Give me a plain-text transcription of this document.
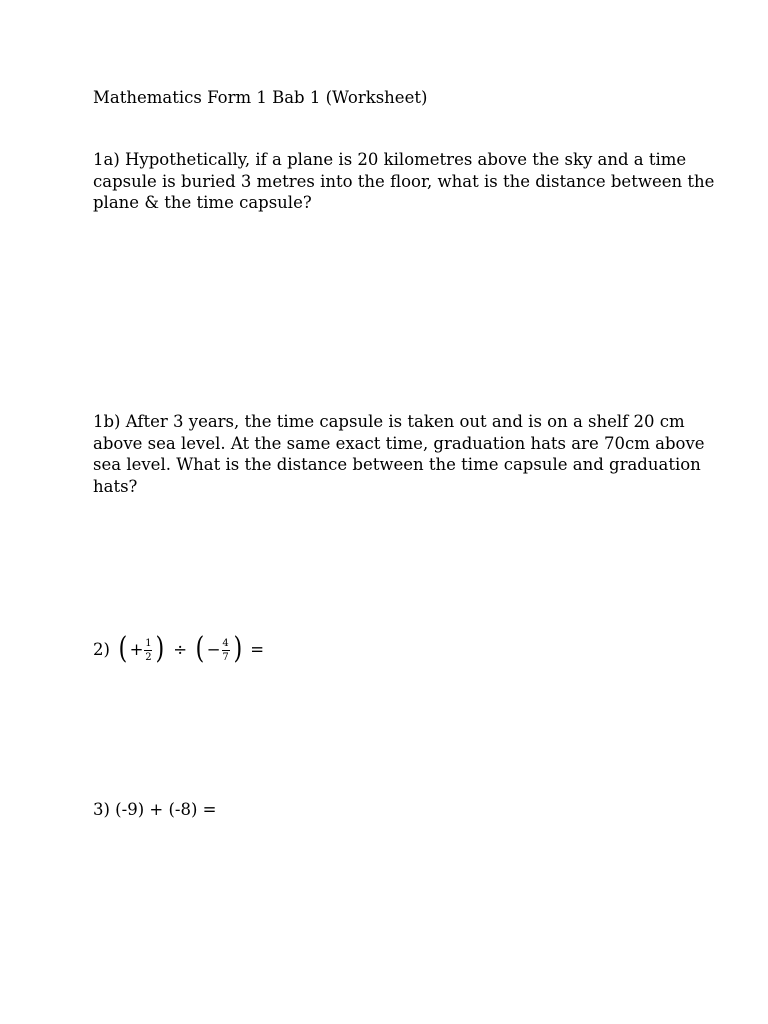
Mathematics Form 1 Bab 1 (Worksheet)
1a) Hypothetically, if a plane is 20 kilometres above the sky and a time
capsule is buried 3 metres into the floor, what is the distance between the
plane & the time capsule?
1b) After 3 years, the time capsule is taken out and is on a shelf 20 cm
above sea level. At the same exact time, graduation hats are 70cm above
sea level. What is the distance between the time capsule and graduation
hats?
2) ( + $\frac{1}{2}$ ) ÷ ( − $\frac{4}{7}$ ) =
3) (-9) + (-8) =
